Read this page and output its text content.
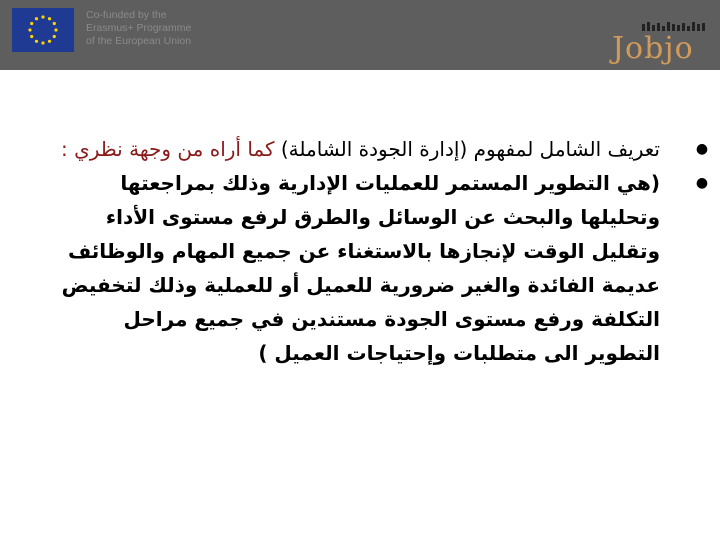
Co-funded by the
Erasmus+ Programme
of the European Union	Jobjo
●
تعريف الشامل لمفهوم (إدارة الجودة الشاملة) كما أراه من وجهة نظري :
●
(هي التطوير المستمر للعمليات الإدارية وذلك بمراجعتها وتحليلها والبحث عن الوسائل والطرق لرفع مستوى الأداء وتقليل الوقت لإنجازها بالاستغناء عن جميع المهام والوظائف عديمة الفائدة والغير ضرورية للعميل أو للعملية وذلك لتخفيض التكلفة ورفع مستوى الجودة مستندين في جميع مراحل التطوير الى متطلبات وإحتياجات العميل )
